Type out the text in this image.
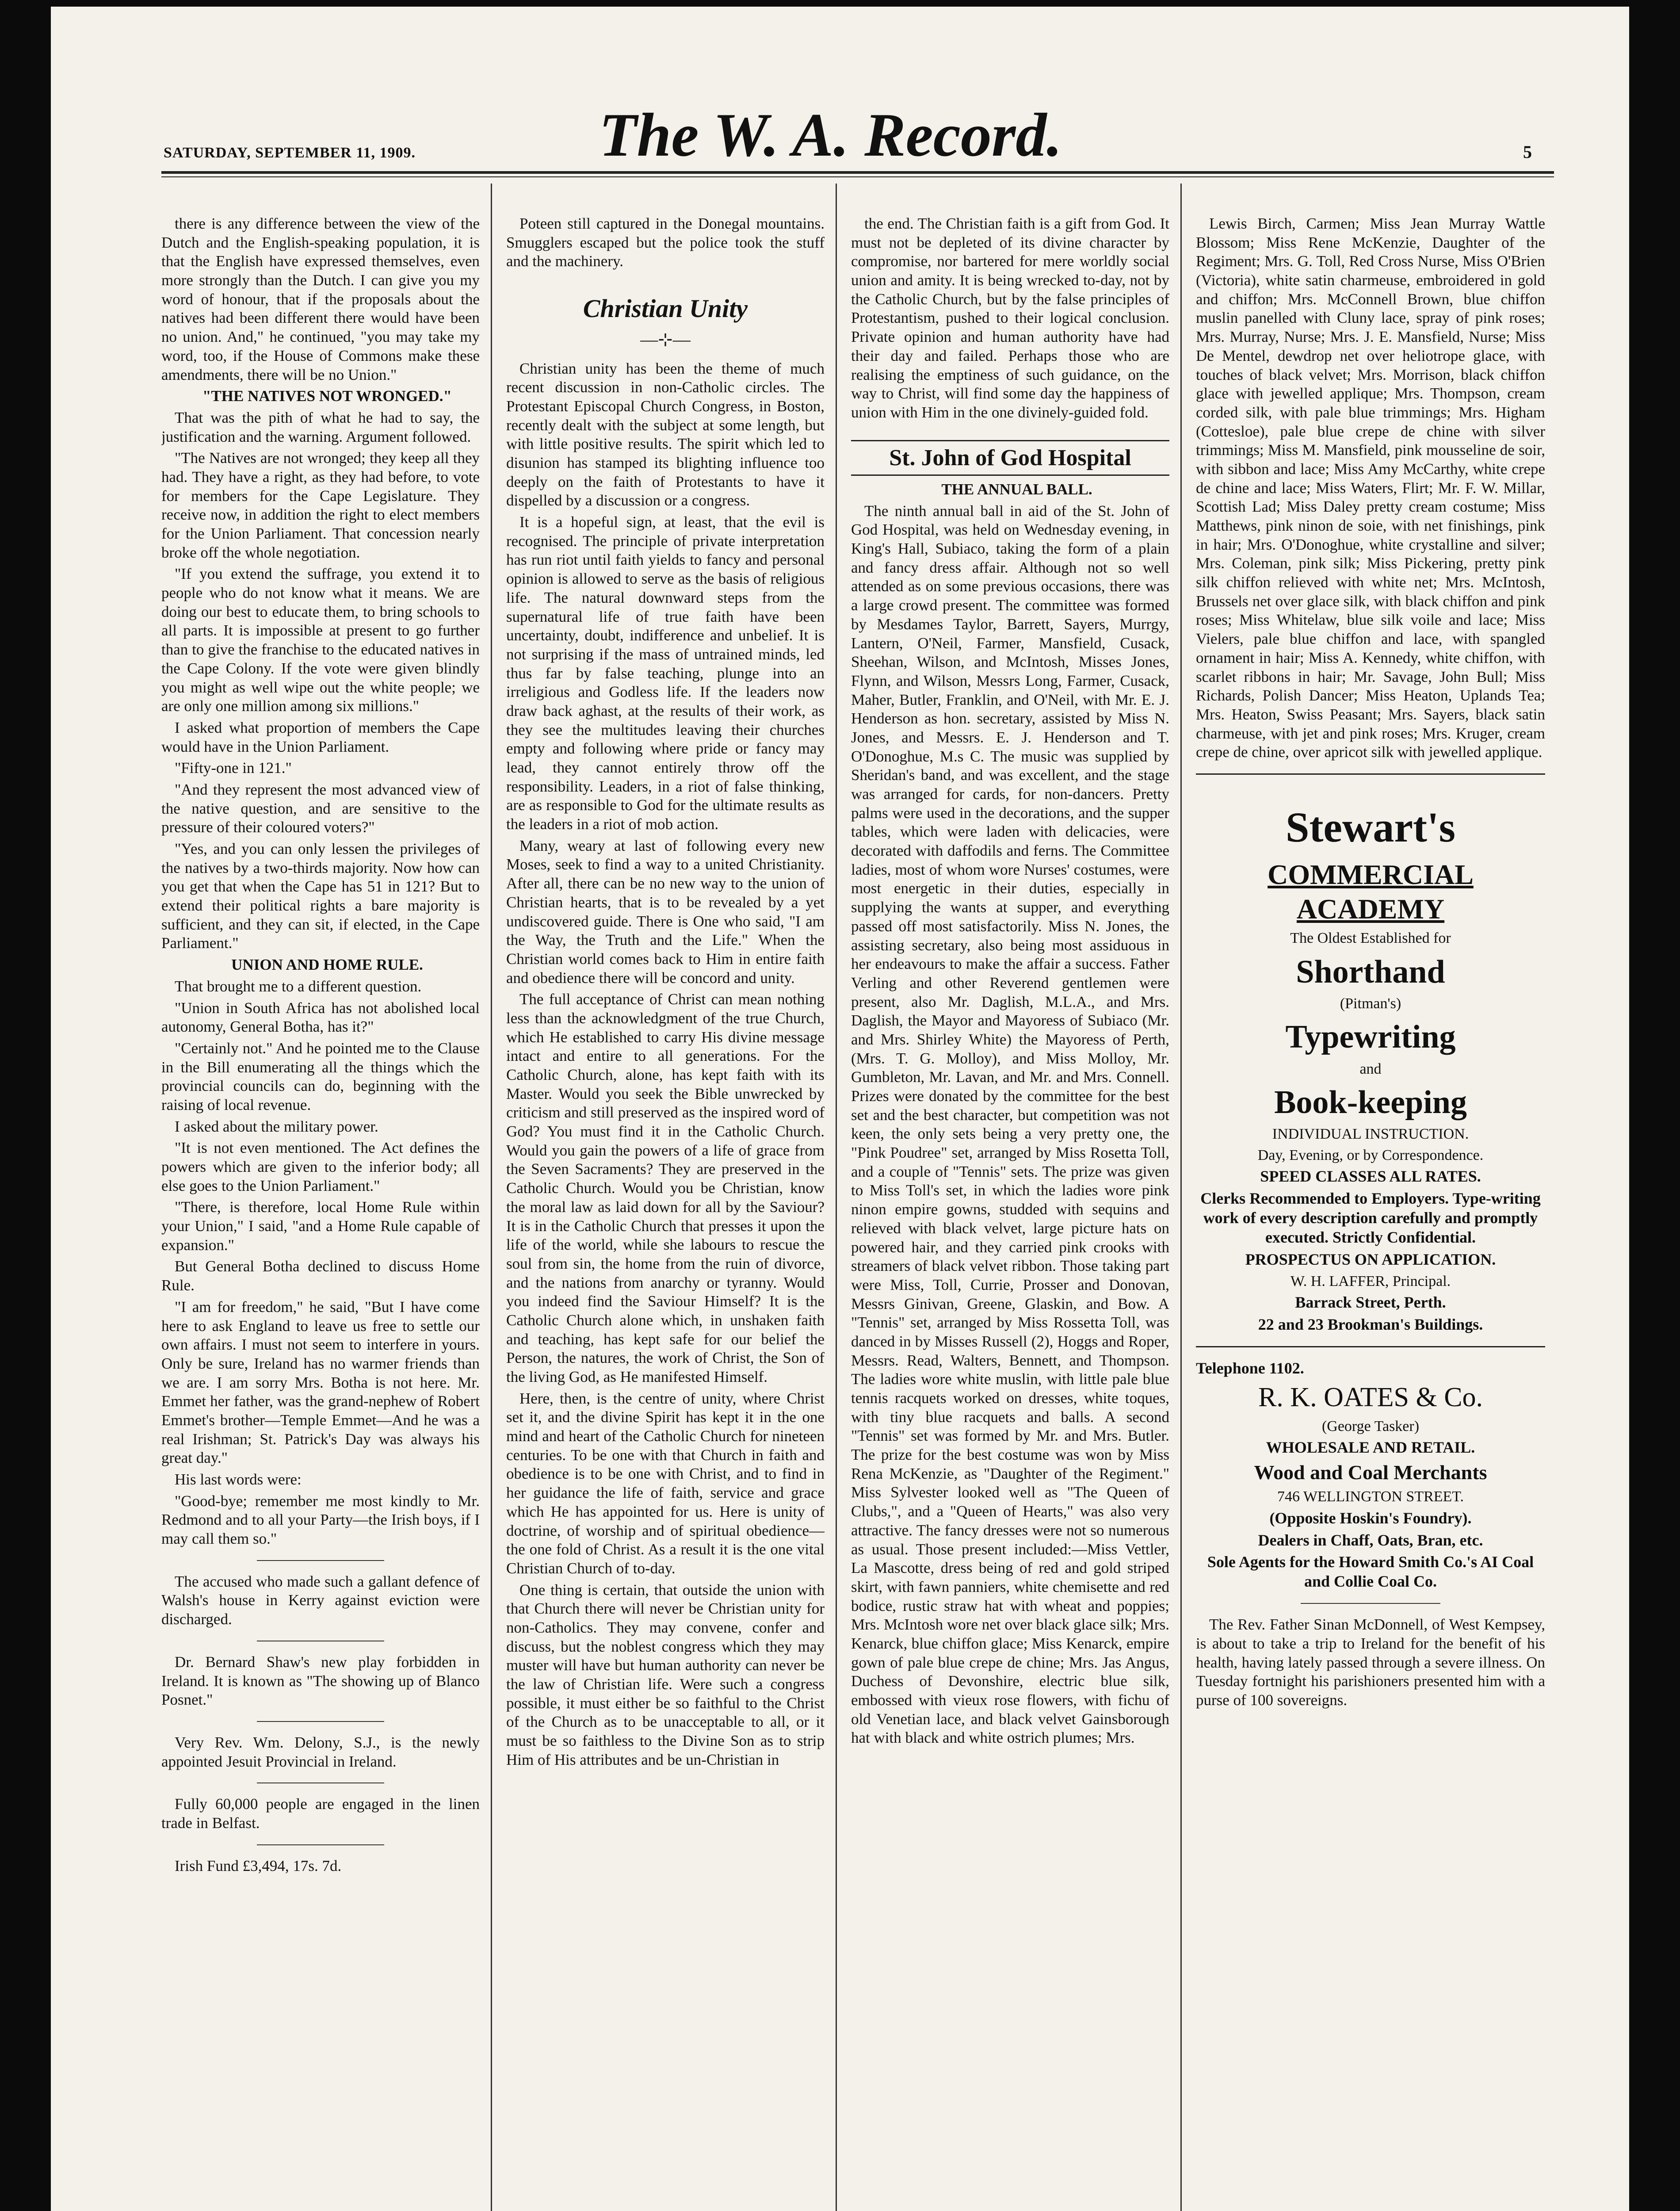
SATURDAY, SEPTEMBER 11, 1909.	The W. A. Record.	5

there is any difference between the view of the Dutch and the English-speaking population, it is that the English have expressed themselves, even more strongly than the Dutch. I can give you my word of honour, that if the proposals about the natives had been different there would have been no union. And," he continued, "you may take my word, too, if the House of Commons make these amendments, there will be no Union."

"THE NATIVES NOT WRONGED."

That was the pith of what he had to say, the justification and the warning. Argument followed.

"The Natives are not wronged; they keep all they had. They have a right, as they had before, to vote for members for the Cape Legislature. They receive now, in addition the right to elect members for the Union Parliament. That concession nearly broke off the whole negotiation.

"If you extend the suffrage, you extend it to people who do not know what it means. We are doing our best to educate them, to bring schools to all parts. It is impossible at present to go further than to give the franchise to the educated natives in the Cape Colony. If the vote were given blindly you might as well wipe out the white people; we are only one million among six millions."

I asked what proportion of members the Cape would have in the Union Parliament.

"Fifty-one in 121."

"And they represent the most advanced view of the native question, and are sensitive to the pressure of their coloured voters?"

"Yes, and you can only lessen the privileges of the natives by a two-thirds majority. Now how can you get that when the Cape has 51 in 121? But to extend their political rights a bare majority is sufficient, and they can sit, if elected, in the Cape Parliament."

UNION AND HOME RULE.

That brought me to a different question.

"Union in South Africa has not abolished local autonomy, General Botha, has it?"

"Certainly not." And he pointed me to the Clause in the Bill enumerating all the things which the provincial councils can do, beginning with the raising of local revenue.

I asked about the military power.

"It is not even mentioned. The Act defines the powers which are given to the inferior body; all else goes to the Union Parliament."

"There, is therefore, local Home Rule within your Union," I said, "and a Home Rule capable of expansion."

But General Botha declined to discuss Home Rule.

"I am for freedom," he said, "But I have come here to ask England to leave us free to settle our own affairs. I must not seem to interfere in yours. Only be sure, Ireland has no warmer friends than we are. I am sorry Mrs. Botha is not here. Mr. Emmet her father, was the grand-nephew of Robert Emmet's brother—Temple Emmet—And he was a real Irishman; St. Patrick's Day was always his great day."

His last words were:

"Good-bye; remember me most kindly to Mr. Redmond and to all your Party—the Irish boys, if I may call them so."

The accused who made such a gallant defence of Walsh's house in Kerry against eviction were discharged.

Dr. Bernard Shaw's new play forbidden in Ireland. It is known as "The showing up of Blanco Posnet."

Very Rev. Wm. Delony, S.J., is the newly appointed Jesuit Provincial in Ireland.

Fully 60,000 people are engaged in the linen trade in Belfast.

Irish Fund £3,494, 17s. 7d.

Poteen still captured in the Donegal mountains. Smugglers escaped but the police took the stuff and the machinery.

Christian Unity
—⊹—

Christian unity has been the theme of much recent discussion in non-Catholic circles. The Protestant Episcopal Church Congress, in Boston, recently dealt with the subject at some length, but with little positive results. The spirit which led to disunion has stamped its blighting influence too deeply on the faith of Protestants to have it dispelled by a discussion or a congress.

It is a hopeful sign, at least, that the evil is recognised. The principle of private interpretation has run riot until faith yields to fancy and personal opinion is allowed to serve as the basis of religious life. The natural downward steps from the supernatural life of true faith have been uncertainty, doubt, indifference and unbelief. It is not surprising if the mass of untrained minds, led thus far by false teaching, plunge into an irreligious and Godless life. If the leaders now draw back aghast, at the results of their work, as they see the multitudes leaving their churches empty and following where pride or fancy may lead, they cannot entirely throw off the responsibility. Leaders, in a riot of false thinking, are as responsible to God for the ultimate results as the leaders in a riot of mob action.

Many, weary at last of following every new Moses, seek to find a way to a united Christianity. After all, there can be no new way to the union of Christian hearts, that is to be revealed by a yet undiscovered guide. There is One who said, "I am the Way, the Truth and the Life." When the Christian world comes back to Him in entire faith and obedience there will be concord and unity.

The full acceptance of Christ can mean nothing less than the acknowledgment of the true Church, which He established to carry His divine message intact and entire to all generations. For the Catholic Church, alone, has kept faith with its Master. Would you seek the Bible unwrecked by criticism and still preserved as the inspired word of God? You must find it in the Catholic Church. Would you gain the powers of a life of grace from the Seven Sacraments? They are preserved in the Catholic Church. Would you be Christian, know the moral law as laid down for all by the Saviour? It is in the Catholic Church that presses it upon the life of the world, while she labours to rescue the soul from sin, the home from the ruin of divorce, and the nations from anarchy or tyranny. Would you indeed find the Saviour Himself? It is the Catholic Church alone which, in unshaken faith and teaching, has kept safe for our belief the Person, the natures, the work of Christ, the Son of the living God, as He manifested Himself.

Here, then, is the centre of unity, where Christ set it, and the divine Spirit has kept it in the one mind and heart of the Catholic Church for nineteen centuries. To be one with that Church in faith and obedience is to be one with Christ, and to find in her guidance the life of faith, service and grace which He has appointed for us. Here is unity of doctrine, of worship and of spiritual obedience—the one fold of Christ. As a result it is the one vital Christian Church of to-day.

One thing is certain, that outside the union with that Church there will never be Christian unity for non-Catholics. They may convene, confer and discuss, but the noblest congress which they may muster will have but human authority can never be the law of Christian life. Were such a congress possible, it must either be so faithful to the Christ of the Church as to be unacceptable to all, or it must be so faithless to the Divine Son as to strip Him of His attributes and be un-Christian in

the end. The Christian faith is a gift from God. It must not be depleted of its divine character by compromise, nor bartered for mere worldly social union and amity. It is being wrecked to-day, not by the Catholic Church, but by the false principles of Protestantism, pushed to their logical conclusion. Private opinion and human authority have had their day and failed. Perhaps those who are realising the emptiness of such guidance, on the way to Christ, will find some day the happiness of union with Him in the one divinely-guided fold.

St. John of God Hospital

THE ANNUAL BALL.

The ninth annual ball in aid of the St. John of God Hospital, was held on Wednesday evening, in King's Hall, Subiaco, taking the form of a plain and fancy dress affair. Although not so well attended as on some previous occasions, there was a large crowd present. The committee was formed by Mesdames Taylor, Barrett, Sayers, Murrgy, Lantern, O'Neil, Farmer, Mansfield, Cusack, Sheehan, Wilson, and McIntosh, Misses Jones, Flynn, and Wilson, Messrs Long, Farmer, Cusack, Maher, Butler, Franklin, and O'Neil, with Mr. E. J. Henderson as hon. secretary, assisted by Miss N. Jones, and Messrs. E. J. Henderson and T. O'Donoghue, M.s C. The music was supplied by Sheridan's band, and was excellent, and the stage was arranged for cards, for non-dancers. Pretty palms were used in the decorations, and the supper tables, which were laden with delicacies, were decorated with daffodils and ferns. The Committee ladies, most of whom wore Nurses' costumes, were most energetic in their duties, especially in supplying the wants at supper, and everything passed off most satisfactorily. Miss N. Jones, the assisting secretary, also being most assiduous in her endeavours to make the affair a success. Father Verling and other Reverend gentlemen were present, also Mr. Daglish, M.L.A., and Mrs. Daglish, the Mayor and Mayoress of Subiaco (Mr. and Mrs. Shirley White) the Mayoress of Perth, (Mrs. T. G. Molloy), and Miss Molloy, Mr. Gumbleton, Mr. Lavan, and Mr. and Mrs. Connell. Prizes were donated by the committee for the best set and the best character, but competition was not keen, the only sets being a very pretty one, the "Pink Poudree" set, arranged by Miss Rosetta Toll, and a couple of "Tennis" sets. The prize was given to Miss Toll's set, in which the ladies wore pink ninon empire gowns, studded with sequins and relieved with black velvet, large picture hats on powered hair, and they carried pink crooks with streamers of black velvet ribbon. Those taking part were Miss, Toll, Currie, Prosser and Donovan, Messrs Ginivan, Greene, Glaskin, and Bow. A "Tennis" set, arranged by Miss Rossetta Toll, was danced in by Misses Russell (2), Hoggs and Roper, Messrs. Read, Walters, Bennett, and Thompson. The ladies wore white muslin, with little pale blue tennis racquets worked on dresses, white toques, with tiny blue racquets and balls. A second "Tennis" set was formed by Mr. and Mrs. Butler. The prize for the best costume was won by Miss Rena McKenzie, as "Daughter of the Regiment." Miss Sylvester looked well as "The Queen of Clubs,", and a "Queen of Hearts," was also very attractive. The fancy dresses were not so numerous as usual. Those present included:—Miss Vettler, La Mascotte, dress being of red and gold striped skirt, with fawn panniers, white chemisette and red bodice, rustic straw hat with wheat and poppies; Mrs. McIntosh wore net over black glace silk; Mrs. Kenarck, blue chiffon glace; Miss Kenarck, empire gown of pale blue crepe de chine; Mrs. Jas Angus, Duchess of Devonshire, electric blue silk, embossed with vieux rose flowers, with fichu of old Venetian lace, and black velvet Gainsborough hat with black and white ostrich plumes; Mrs.

Lewis Birch, Carmen; Miss Jean Murray Wattle Blossom; Miss Rene McKenzie, Daughter of the Regiment; Mrs. G. Toll, Red Cross Nurse, Miss O'Brien (Victoria), white satin charmeuse, embroidered in gold and chiffon; Mrs. McConnell Brown, blue chiffon muslin panelled with Cluny lace, spray of pink roses; Mrs. Murray, Nurse; Mrs. J. E. Mansfield, Nurse; Miss De Mentel, dewdrop net over heliotrope glace, with touches of black velvet; Mrs. Morrison, black chiffon glace with jewelled applique; Mrs. Thompson, cream corded silk, with pale blue trimmings; Mrs. Higham (Cottesloe), pale blue crepe de chine with silver trimmings; Miss M. Mansfield, pink mousseline de soir, with sibbon and lace; Miss Amy McCarthy, white crepe de chine and lace; Miss Waters, Flirt; Mr. F. W. Millar, Scottish Lad; Miss Daley pretty cream costume; Miss Matthews, pink ninon de soie, with net finishings, pink in hair; Mrs. O'Donoghue, white crystalline and silver; Mrs. Coleman, pink silk; Miss Pickering, pretty pink silk chiffon relieved with white net; Mrs. McIntosh, Brussels net over glace silk, with black chiffon and pink roses; Miss Whitelaw, blue silk voile and lace; Miss Vielers, pale blue chiffon and lace, with spangled ornament in hair; Miss A. Kennedy, white chiffon, with scarlet ribbons in hair; Mr. Savage, John Bull; Miss Richards, Polish Dancer; Miss Heaton, Uplands Tea; Mrs. Heaton, Swiss Peasant; Mrs. Sayers, black satin charmeuse, with jet and pink roses; Mrs. Kruger, cream crepe de chine, over apricot silk with jewelled applique.

Stewart's
COMMERCIAL
ACADEMY
The Oldest Established for
Shorthand
(Pitman's)
Typewriting
and
Book-keeping
INDIVIDUAL INSTRUCTION.
Day, Evening, or by Correspondence.
SPEED CLASSES ALL RATES.
Clerks Recommended to Employers. Type-writing work of every description carefully and promptly executed. Strictly Confidential.
PROSPECTUS ON APPLICATION.
W. H. LAFFER, Principal.
Barrack Street, Perth.
22 and 23 Brookman's Buildings.
Telephone 1102.
R. K. OATES & Co.
(George Tasker)
WHOLESALE AND RETAIL.
Wood and Coal Merchants
746 WELLINGTON STREET.
(Opposite Hoskin's Foundry).
Dealers in Chaff, Oats, Bran, etc.
Sole Agents for the Howard Smith Co.'s AI Coal and Collie Coal Co.

The Rev. Father Sinan McDonnell, of West Kempsey, is about to take a trip to Ireland for the benefit of his health, having lately passed through a severe illness. On Tuesday fortnight his parishioners presented him with a purse of 100 sovereigns.
